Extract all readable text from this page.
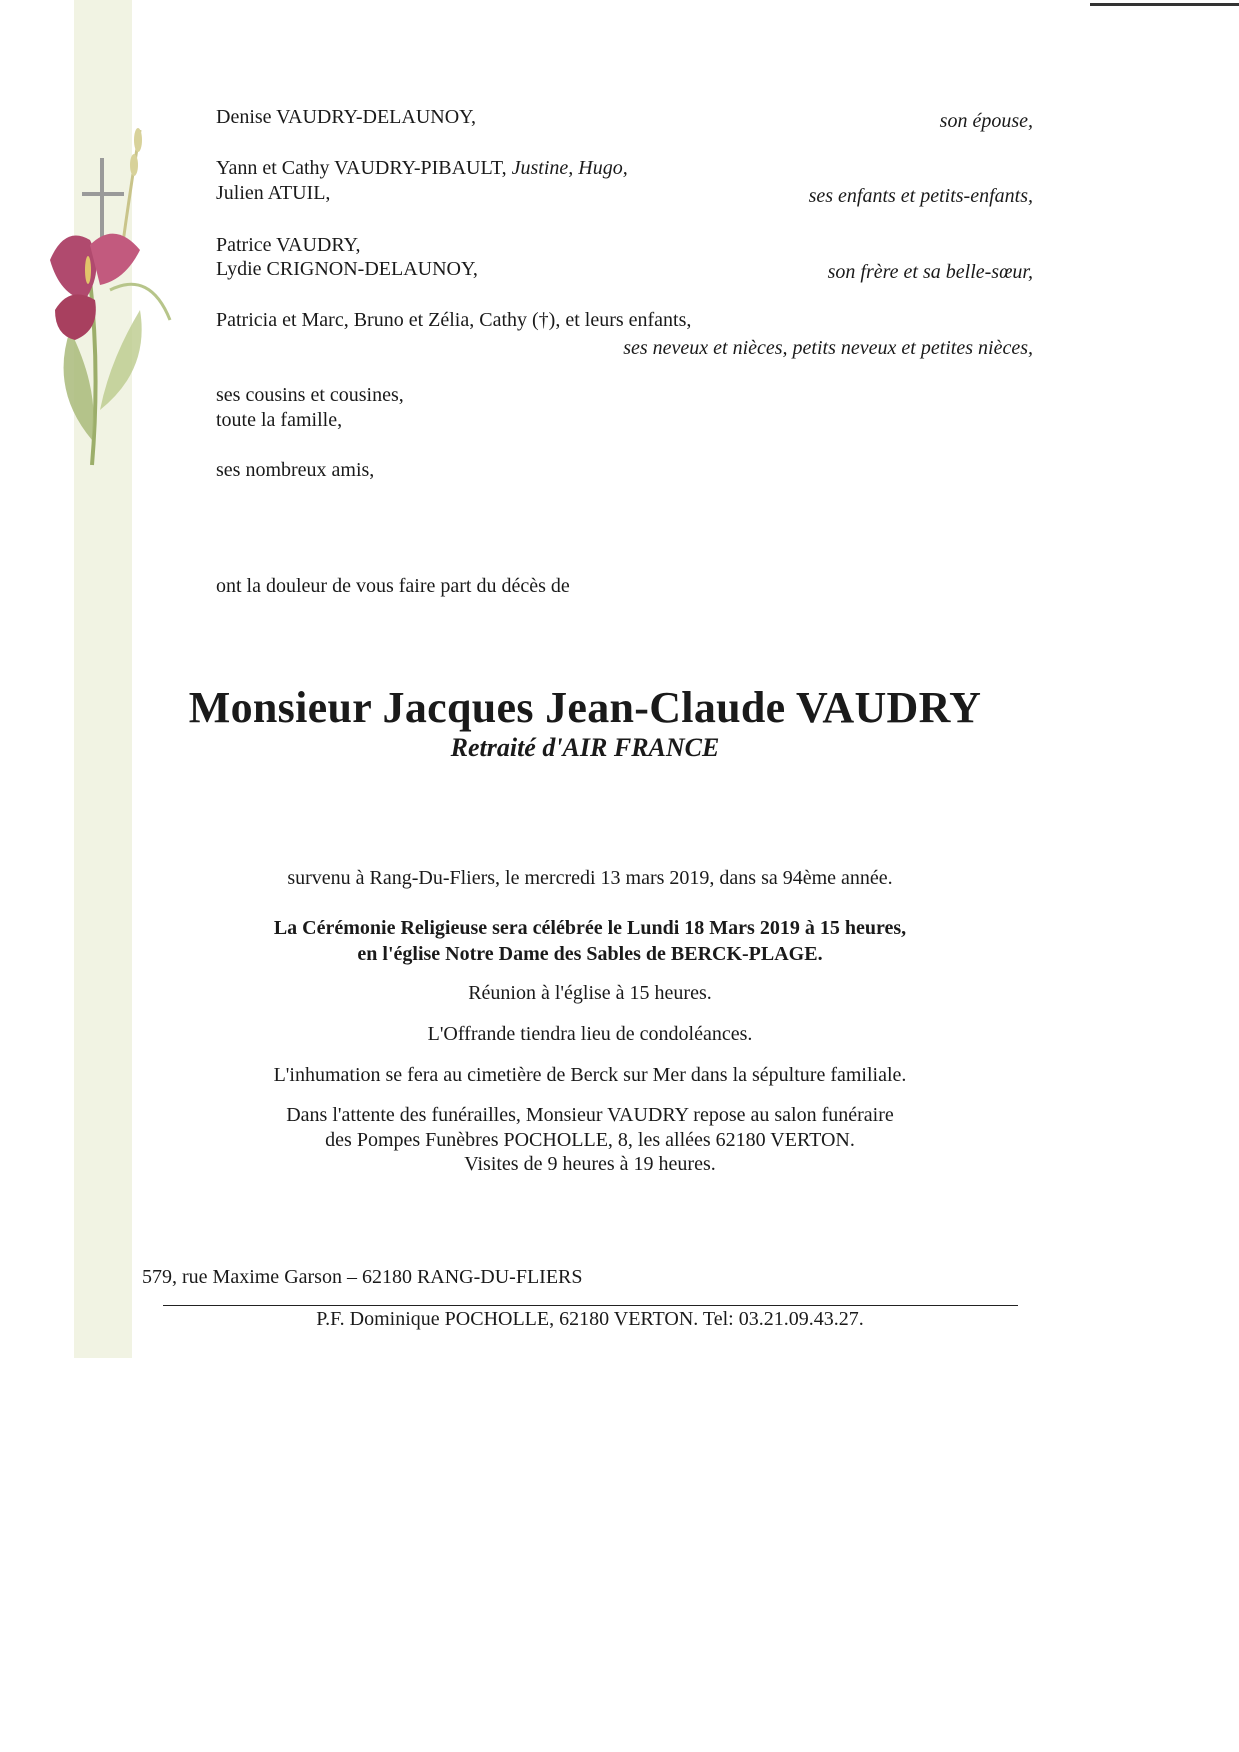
Denise VAUDRY-DELAUNOY,	son épouse,
Yann et Cathy VAUDRY-PIBAULT, Justine, Hugo,
Julien ATUIL,	ses enfants et petits-enfants,
Patrice VAUDRY,
Lydie CRIGNON-DELAUNOY,	son frère et sa belle-sœur,
Patricia et Marc, Bruno et Zélia, Cathy (†), et leurs enfants,
ses neveux et nièces, petits neveux et petites nièces,
ses cousins et cousines,
toute la famille,
ses nombreux amis,
ont la douleur de vous faire part du décès de
Monsieur Jacques Jean-Claude VAUDRY
Retraité d'AIR FRANCE
survenu à Rang-Du-Fliers, le mercredi 13 mars 2019, dans sa 94ème année.
La Cérémonie Religieuse sera célébrée le Lundi 18 Mars 2019 à 15 heures,
en l'église Notre Dame des Sables de BERCK-PLAGE.
Réunion à l'église à 15 heures.
L'Offrande tiendra lieu de condoléances.
L'inhumation se fera au cimetière de Berck sur Mer dans la sépulture familiale.
Dans l'attente des funérailles, Monsieur VAUDRY repose au salon funéraire
des Pompes Funèbres POCHOLLE, 8, les allées 62180 VERTON.
Visites de 9 heures à 19 heures.
579, rue Maxime Garson – 62180 RANG-DU-FLIERS
P.F. Dominique POCHOLLE, 62180 VERTON. Tel: 03.21.09.43.27.
